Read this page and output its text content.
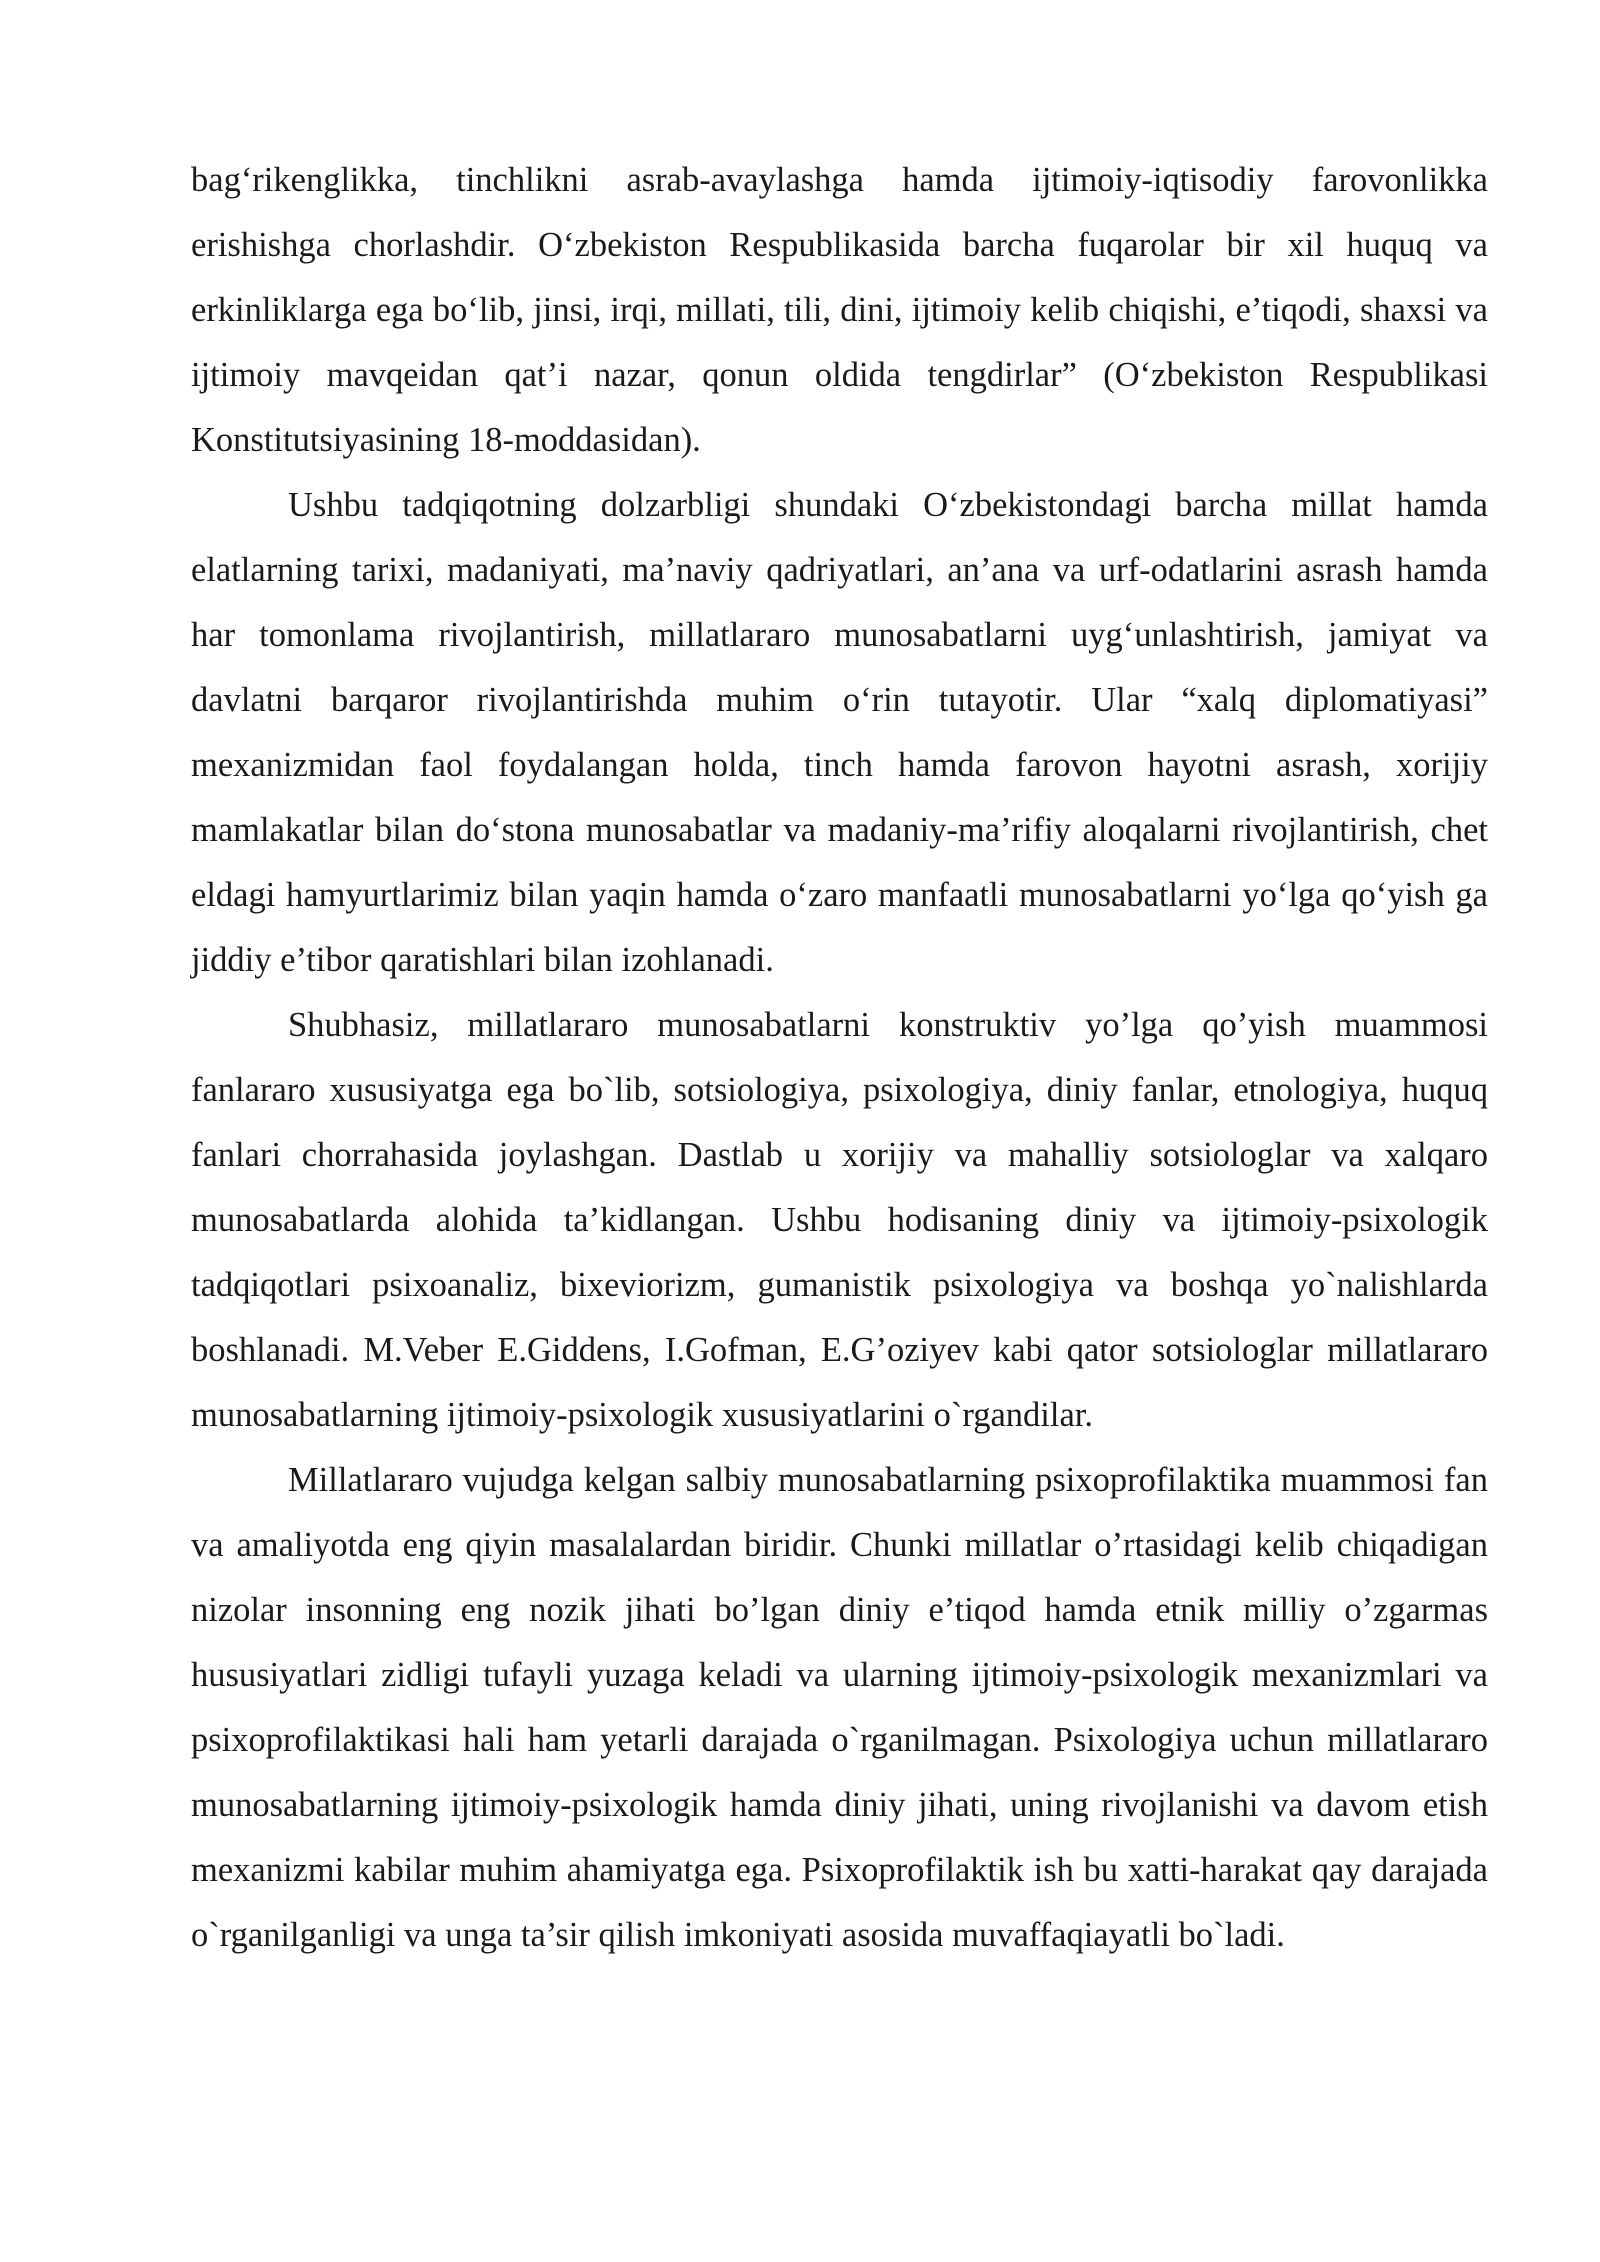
bag‘rikenglikka, tinchlikni asrab-avaylashga hamda ijtimoiy-iqtisodiy farovonlikka erishishga chorlashdir. O‘zbekiston Respublikasida barcha fuqarolar bir xil huquq va erkinliklarga ega bo‘lib, jinsi, irqi, millati, tili, dini, ijtimoiy kelib chiqishi, e’tiqodi, shaxsi va ijtimoiy mavqeidan qat’i nazar, qonun oldida tengdirlar” (O‘zbekiston Respublikasi Konstitutsiyasining 18-moddasidan).

Ushbu tadqiqotning dolzarbligi shundaki O‘zbekistondagi barcha millat hamda elatlarning tarixi, madaniyati, ma’naviy qadriyatlari, an’ana va urf-odatlarini asrash hamda har tomonlama rivojlantirish, millatlararo munosabatlarni uyg‘unlashtirish, jamiyat va davlatni barqaror rivojlantirishda muhim o‘rin tutayotir. Ular “xalq diplomatiyasi” mexanizmidan faol foydalangan holda, tinch hamda farovon hayotni asrash, xorijiy mamlakatlar bilan do‘stona munosabatlar va madaniy-ma’rifiy aloqalarni rivojlantirish, chet eldagi hamyurtlarimiz bilan yaqin hamda o‘zaro manfaatli munosabatlarni yo‘lga qo‘yish ga jiddiy e’tibor qaratishlari bilan izohlanadi.

Shubhasiz, millatlararo munosabatlarni konstruktiv yo’lga qo’yish muammosi fanlararo xususiyatga ega bo`lib, sotsiologiya, psixologiya, diniy fanlar, etnologiya, huquq fanlari chorrahasida joylashgan. Dastlab u xorijiy va mahalliy sotsiologlar va xalqaro munosabatlarda alohida ta’kidlangan. Ushbu hodisaning diniy va ijtimoiy-psixologik tadqiqotlari psixoanaliz, bixeviorizm, gumanistik psixologiya va boshqa yo`nalishlarda boshlanadi. M.Veber E.Giddens, I.Gofman, E.G’oziyev kabi qator sotsiologlar millatlararo munosabatlarning ijtimoiy-psixologik xususiyatlarini o`rgandilar.

Millatlararo vujudga kelgan salbiy munosabatlarning psixoprofilaktika muammosi fan va amaliyotda eng qiyin masalalardan biridir. Chunki millatlar o’rtasidagi kelib chiqadigan nizolar insonning eng nozik jihati bo’lgan diniy e’tiqod hamda etnik milliy o’zgarmas hususiyatlari zidligi tufayli yuzaga keladi va ularning ijtimoiy-psixologik mexanizmlari va psixoprofilaktikasi hali ham yetarli darajada o`rganilmagan. Psixologiya uchun millatlararo munosabatlarning ijtimoiy-psixologik hamda diniy jihati, uning rivojlanishi va davom etish mexanizmi kabilar muhim ahamiyatga ega. Psixoprofilaktik ish bu xatti-harakat qay darajada o`rganilganligi va unga ta’sir qilish imkoniyati asosida muvaffaqiayatli bo`ladi.
